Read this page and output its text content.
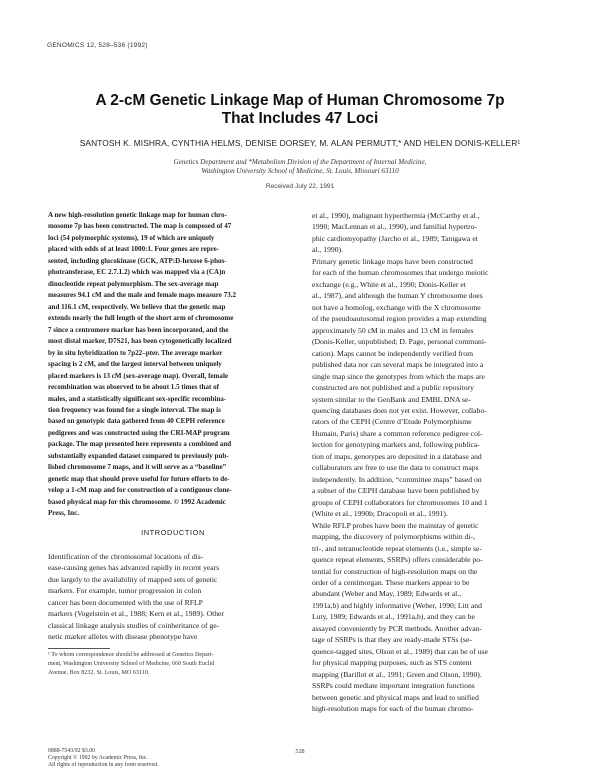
GENOMICS 12, 528–536 (1992)
A 2-cM Genetic Linkage Map of Human Chromosome 7p
That Includes 47 Loci
SANTOSH K. MISHRA, CYNTHIA HELMS, DENISE DORSEY, M. ALAN PERMUTT,* AND HELEN DONIS-KELLER¹
Genetics Department and *Metabolism Division of the Department of Internal Medicine,
Washington University School of Medicine, St. Louis, Missouri 63110
Received July 22, 1991
A new high-resolution genetic linkage map for human chro-
mosome 7p has been constructed. The map is composed of 47
loci (54 polymorphic systems), 19 of which are uniquely
placed with odds of at least 1000:1. Four genes are repre-
sented, including glucokinase (GCK, ATP:D-hexose 6-phos-
photransferase, EC 2.7.1.2) which was mapped via a (CA)n
dinucleotide repeat polymorphism. The sex-average map
measures 94.1 cM and the male and female maps measure 73.2
and 116.1 cM, respectively. We believe that the genetic map
extends nearly the full length of the short arm of chromosome
7 since a centromere marker has been incorporated, and the
most distal marker, D7S21, has been cytogenetically localized
by in situ hybridization to 7p22–pter. The average marker
spacing is 2 cM, and the largest interval between uniquely
placed markers is 13 cM (sex-average map). Overall, female
recombination was observed to be about 1.5 times that of
males, and a statistically significant sex-specific recombina-
tion frequency was found for a single interval. The map is
based on genotypic data gathered from 40 CEPH reference
pedigrees and was constructed using the CRI-MAP program
package. The map presented here represents a combined and
substantially expanded dataset compared to previously pub-
lished chromosome 7 maps, and it will serve as a “baseline”
genetic map that should prove useful for future efforts to de-
velop a 1-cM map and for construction of a contiguous clone-
based physical map for this chromosome. © 1992 Academic
Press, Inc.
INTRODUCTION
Identification of the chromosomal locations of dis-
ease-causing genes has advanced rapidly in recent years
due largely to the availability of mapped sets of genetic
markers. For example, tumor progression in colon
cancer has been documented with the use of RFLP
markers (Vogelstein et al., 1988; Kern et al., 1989). Other
classical linkage analysis studies of coinheritance of ge-
netic marker alleles with disease phenotype have
¹ To whom correspondence should be addressed at Genetics Depart-
ment, Washington University School of Medicine, 660 South Euclid
Avenue, Box 8232, St. Louis, MO 63110.
0888-7543/92 $3.00
Copyright © 1992 by Academic Press, Inc.
All rights of reproduction in any form reserved.
528
et al., 1990), malignant hyperthermia (McCarthy et al.,
1990; MacLennan et al., 1990), and familial hypertro-
phic cardiomyopathy (Jarcho et al., 1989; Tanigawa et
al., 1990).
Primary genetic linkage maps have been constructed
for each of the human chromosomes that undergo meiotic
exchange (e.g., White et al., 1990; Donis-Keller et
al., 1987), and although the human Y chromosome does
not have a homolog, exchange with the X chromosome
of the pseudoautosomal region provides a map extending
approximately 50 cM in males and 13 cM in females
(Donis-Keller, unpublished; D. Page, personal communi-
cation). Maps cannot be independently verified from
published data nor can several maps be integrated into a
single map since the genotypes from which the maps are
constructed are not published and a public repository
system similar to the GenBank and EMBL DNA se-
quencing databases does not yet exist. However, collabo-
rators of the CEPH (Centre d’Etude Polymorphisme
Humain, Paris) share a common reference pedigree col-
lection for genotyping markers and, following publica-
tion of maps, genotypes are deposited in a database and
collaborators are free to use the data to construct maps
independently. In addition, “committee maps” based on
a subset of the CEPH database have been published by
groups of CEPH collaborators for chromosomes 10 and 1
(White et al., 1990b; Dracopoli et al., 1991).
While RFLP probes have been the mainstay of genetic
mapping, the discovery of polymorphisms within di-,
tri-, and tetranucleotide repeat elements (i.e., simple se-
quence repeat elements, SSRPs) offers considerable po-
tential for construction of high-resolution maps on the
order of a centimorgan. These markers appear to be
abundant (Weber and May, 1989; Edwards et al.,
1991a,b) and highly informative (Weber, 1990; Litt and
Luty, 1989; Edwards et al., 1991a,b), and they can be
assayed conveniently by PCR methods. Another advan-
tage of SSRPs is that they are ready-made STSs (se-
quence-tagged sites, Olson et al., 1989) that can be of use
for physical mapping purposes, such as STS content
mapping (Barillot et al., 1991; Green and Olson, 1990).
SSRPs could mediate important integration functions
between genetic and physical maps and lead to unified
high-resolution maps for each of the human chromo-
